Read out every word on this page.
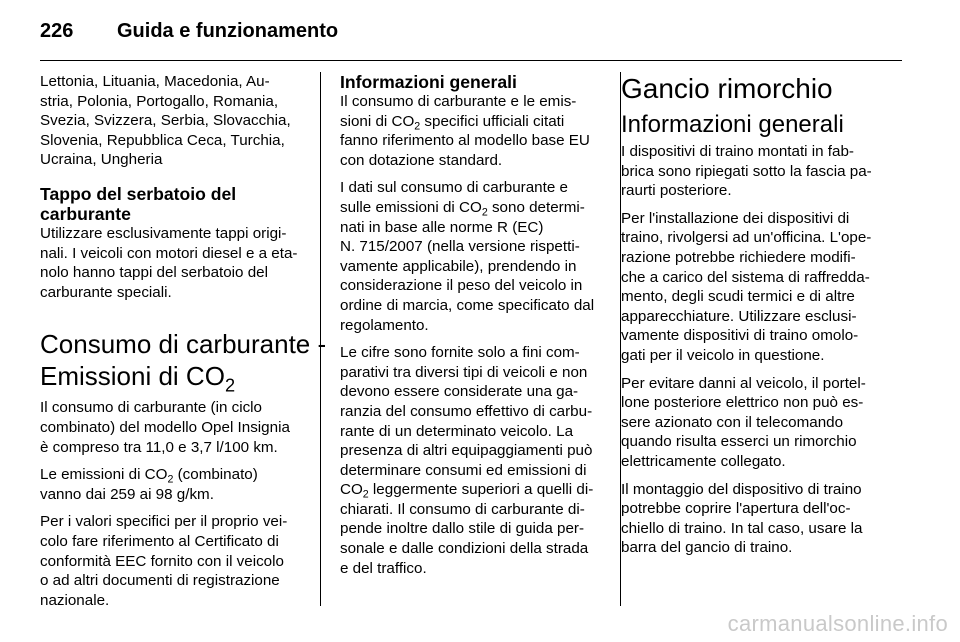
226 Guida e funzionamento

Lettonia, Lituania, Macedonia, Au-
stria, Polonia, Portogallo, Romania,
Svezia, Svizzera, Serbia, Slovacchia,
Slovenia, Repubblica Ceca, Turchia,
Ucraina, Ungheria

Tappo del serbatoio del
carburante

Utilizzare esclusivamente tappi origi-
nali. I veicoli con motori diesel e a eta-
nolo hanno tappi del serbatoio del
carburante speciali.

Consumo di carburante -
Emissioni di $CO_2$

Il consumo di carburante (in ciclo
combinato) del modello Opel Insignia
è compreso tra 11,0 e 3,7 l/100 km.

Le emissioni di $CO_2$ (combinato)
vanno dai 259 ai 98 g/km.

Per i valori specifici per il proprio vei-
colo fare riferimento al Certificato di
conformità EEC fornito con il veicolo
o ad altri documenti di registrazione
nazionale.

Informazioni generali

Il consumo di carburante e le emis-
sioni di $CO_2$ specifici ufficiali citati
fanno riferimento al modello base EU
con dotazione standard.

I dati sul consumo di carburante e
sulle emissioni di $CO_2$ sono determi-
nati in base alle norme R (EC)
N. 715/2007 (nella versione rispetti-
vamente applicabile), prendendo in
considerazione il peso del veicolo in
ordine di marcia, come specificato dal
regolamento.

Le cifre sono fornite solo a fini com-
parativi tra diversi tipi di veicoli e non
devono essere considerate una ga-
ranzia del consumo effettivo di carbu-
rante di un determinato veicolo. La
presenza di altri equipaggiamenti può
determinare consumi ed emissioni di
$CO_2$ leggermente superiori a quelli di-
chiarati. Il consumo di carburante di-
pende inoltre dallo stile di guida per-
sonale e dalle condizioni della strada
e del traffico.

Gancio rimorchio
Informazioni generali

I dispositivi di traino montati in fab-
brica sono ripiegati sotto la fascia pa-
raurti posteriore.

Per l'installazione dei dispositivi di
traino, rivolgersi ad un'officina. L'ope-
razione potrebbe richiedere modifi-
che a carico del sistema di raffredda-
mento, degli scudi termici e di altre
apparecchiature. Utilizzare esclusi-
vamente dispositivi di traino omolo-
gati per il veicolo in questione.

Per evitare danni al veicolo, il portel-
lone posteriore elettrico non può es-
sere azionato con il telecomando
quando risulta esserci un rimorchio
elettricamente collegato.

Il montaggio del dispositivo di traino
potrebbe coprire l'apertura dell'oc-
chiello di traino. In tal caso, usare la
barra del gancio di traino.

carmanualsonline.info
